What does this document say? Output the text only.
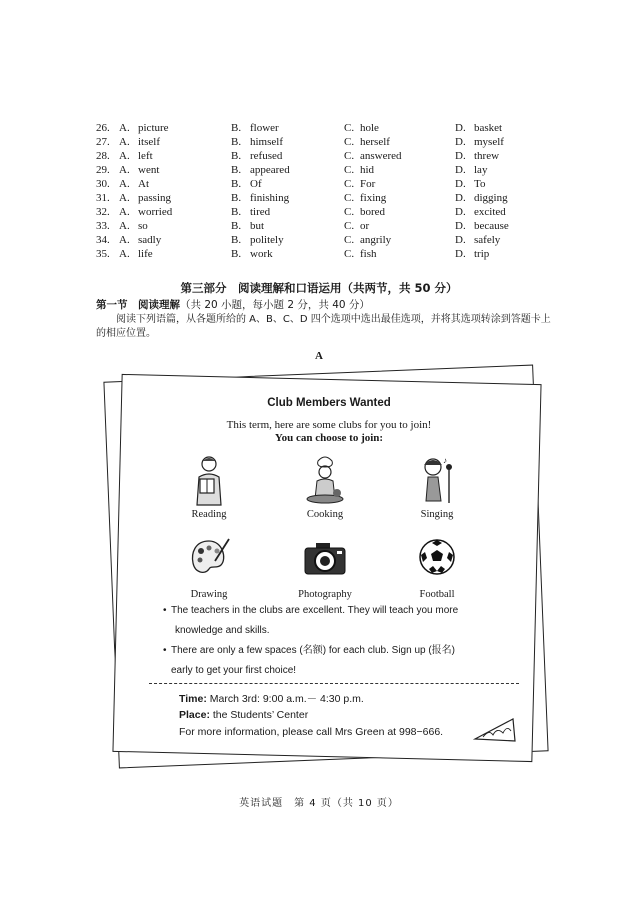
26. A. picture	B. flower	C. hole	D. basket
27. A. itself	B. himself	C. herself	D. myself
28. A. left	B. refused	C. answered	D. threw
29. A. went	B. appeared	C. hid	D. lay
30. A. At	B. Of	C. For	D. To
31. A. passing	B. finishing	C. fixing	D. digging
32. A. worried	B. tired	C. bored	D. excited
33. A. so	B. but	C. or	D. because
34. A. sadly	B. politely	C. angrily	D. safely
35. A. life	B. work	C. fish	D. trip
第三部分　阅读理解和口语运用（共两节，共 50 分）
第一节　阅读理解（共 20 小题，每小题 2 分，共 40 分）
阅读下列语篇，从各题所给的 A、B、C、D 四个选项中选出最佳选项，并将其选项转涂到答题卡上的相应位置。
A
Club Members Wanted
This term, here are some clubs for you to join!
You can choose to join:
Reading	Cooking
♪
Singing
Drawing	Photography	Football
• The teachers in the clubs are excellent. They will teach you more
knowledge and skills.
• There are only a few spaces (名额) for each club. Sign up (报名)
early to get your first choice!
Time: March 3rd: 9:00 a.m.－ 4:30 p.m.
Place: the Students’ Center
For more information, please call Mrs Green at 998−666.
英语试题　第 4 页（共 10 页）
